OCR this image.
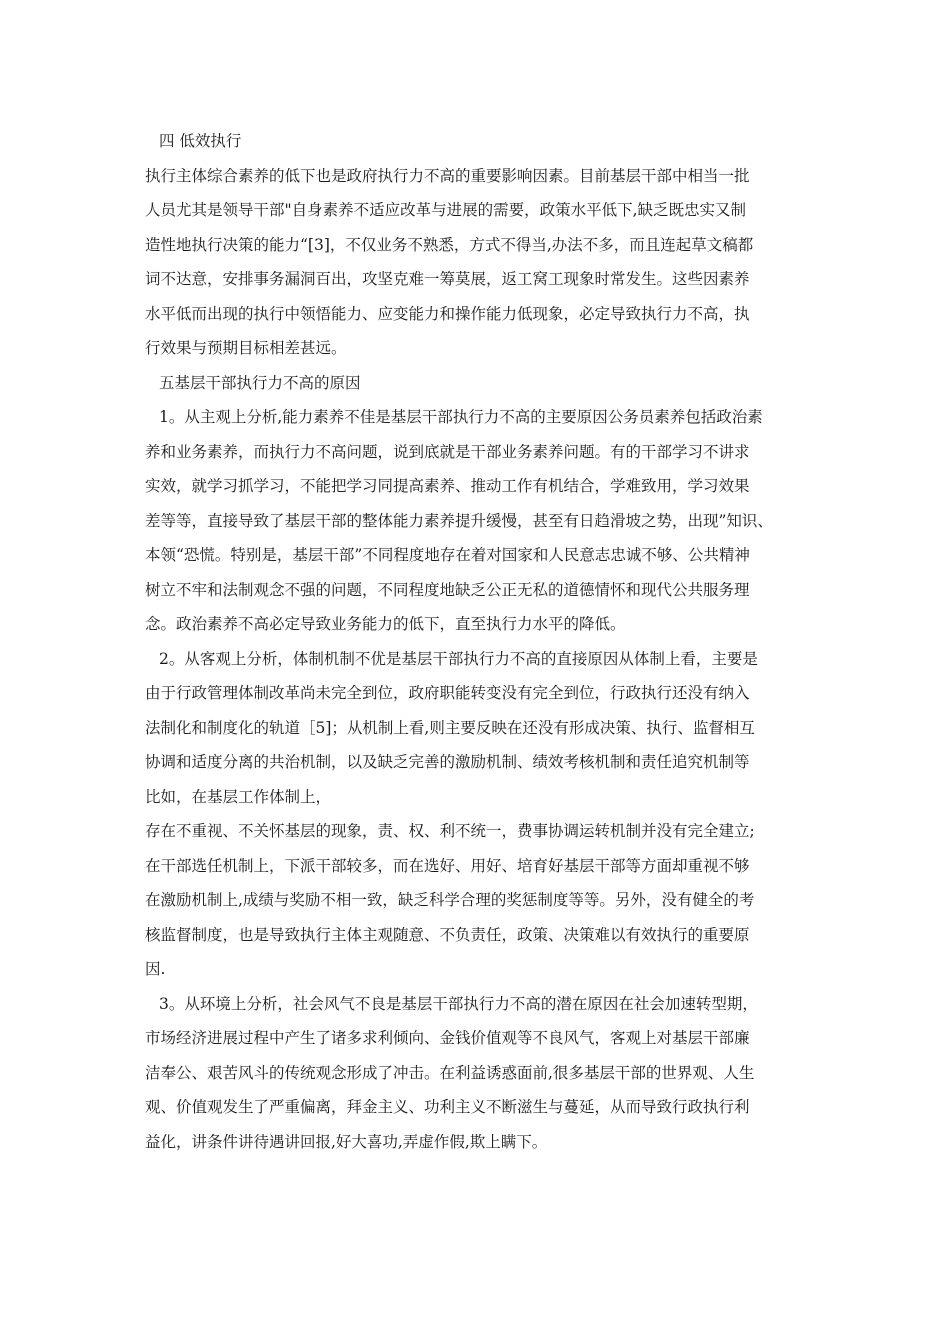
四 低效执行
执行主体综合素养的低下也是政府执行力不高的重要影响因素。目前基层干部中相当一批
人员尤其是领导干部"自身素养不适应改革与进展的需要，政策水平低下,缺乏既忠实又制
造性地执行决策的能力“[3]，不仅业务不熟悉，方式不得当,办法不多，而且连起草文稿都
词不达意，安排事务漏洞百出，攻坚克难一筹莫展，返工窝工现象时常发生。这些因素养
水平低而出现的执行中领悟能力、应变能力和操作能力低现象，必定导致执行力不高，执
行效果与预期目标相差甚远。
五基层干部执行力不高的原因
1。从主观上分析,能力素养不佳是基层干部执行力不高的主要原因公务员素养包括政治素
养和业务素养，而执行力不高问题，说到底就是干部业务素养问题。有的干部学习不讲求
实效，就学习抓学习，不能把学习同提高素养、推动工作有机结合，学难致用，学习效果
差等等，直接导致了基层干部的整体能力素养提升缓慢，甚至有日趋滑坡之势，出现”知识、
本领“恐慌。特别是，基层干部”不同程度地存在着对国家和人民意志忠诚不够、公共精神
树立不牢和法制观念不强的问题，不同程度地缺乏公正无私的道德情怀和现代公共服务理
念。政治素养不高必定导致业务能力的低下，直至执行力水平的降低。
2。从客观上分析，体制机制不优是基层干部执行力不高的直接原因从体制上看，主要是
由于行政管理体制改革尚未完全到位，政府职能转变没有完全到位，行政执行还没有纳入
法制化和制度化的轨道［5]；从机制上看,则主要反映在还没有形成决策、执行、监督相互
协调和适度分离的共治机制，以及缺乏完善的激励机制、绩效考核机制和责任追究机制等
比如，在基层工作体制上，
存在不重视、不关怀基层的现象，责、权、利不统一，费事协调运转机制并没有完全建立;
在干部选任机制上，下派干部较多，而在选好、用好、培育好基层干部等方面却重视不够
在激励机制上,成绩与奖励不相一致，缺乏科学合理的奖惩制度等等。另外，没有健全的考
核监督制度，也是导致执行主体主观随意、不负责任，政策、决策难以有效执行的重要原
因.
3。从环境上分析，社会风气不良是基层干部执行力不高的潜在原因在社会加速转型期，
市场经济进展过程中产生了诸多求利倾向、金钱价值观等不良风气，客观上对基层干部廉
洁奉公、艰苦风斗的传统观念形成了冲击。在利益诱惑面前,很多基层干部的世界观、人生
观、价值观发生了严重偏离，拜金主义、功利主义不断滋生与蔓延，从而导致行政执行利
益化，讲条件讲待遇讲回报,好大喜功,弄虚作假,欺上瞒下。
